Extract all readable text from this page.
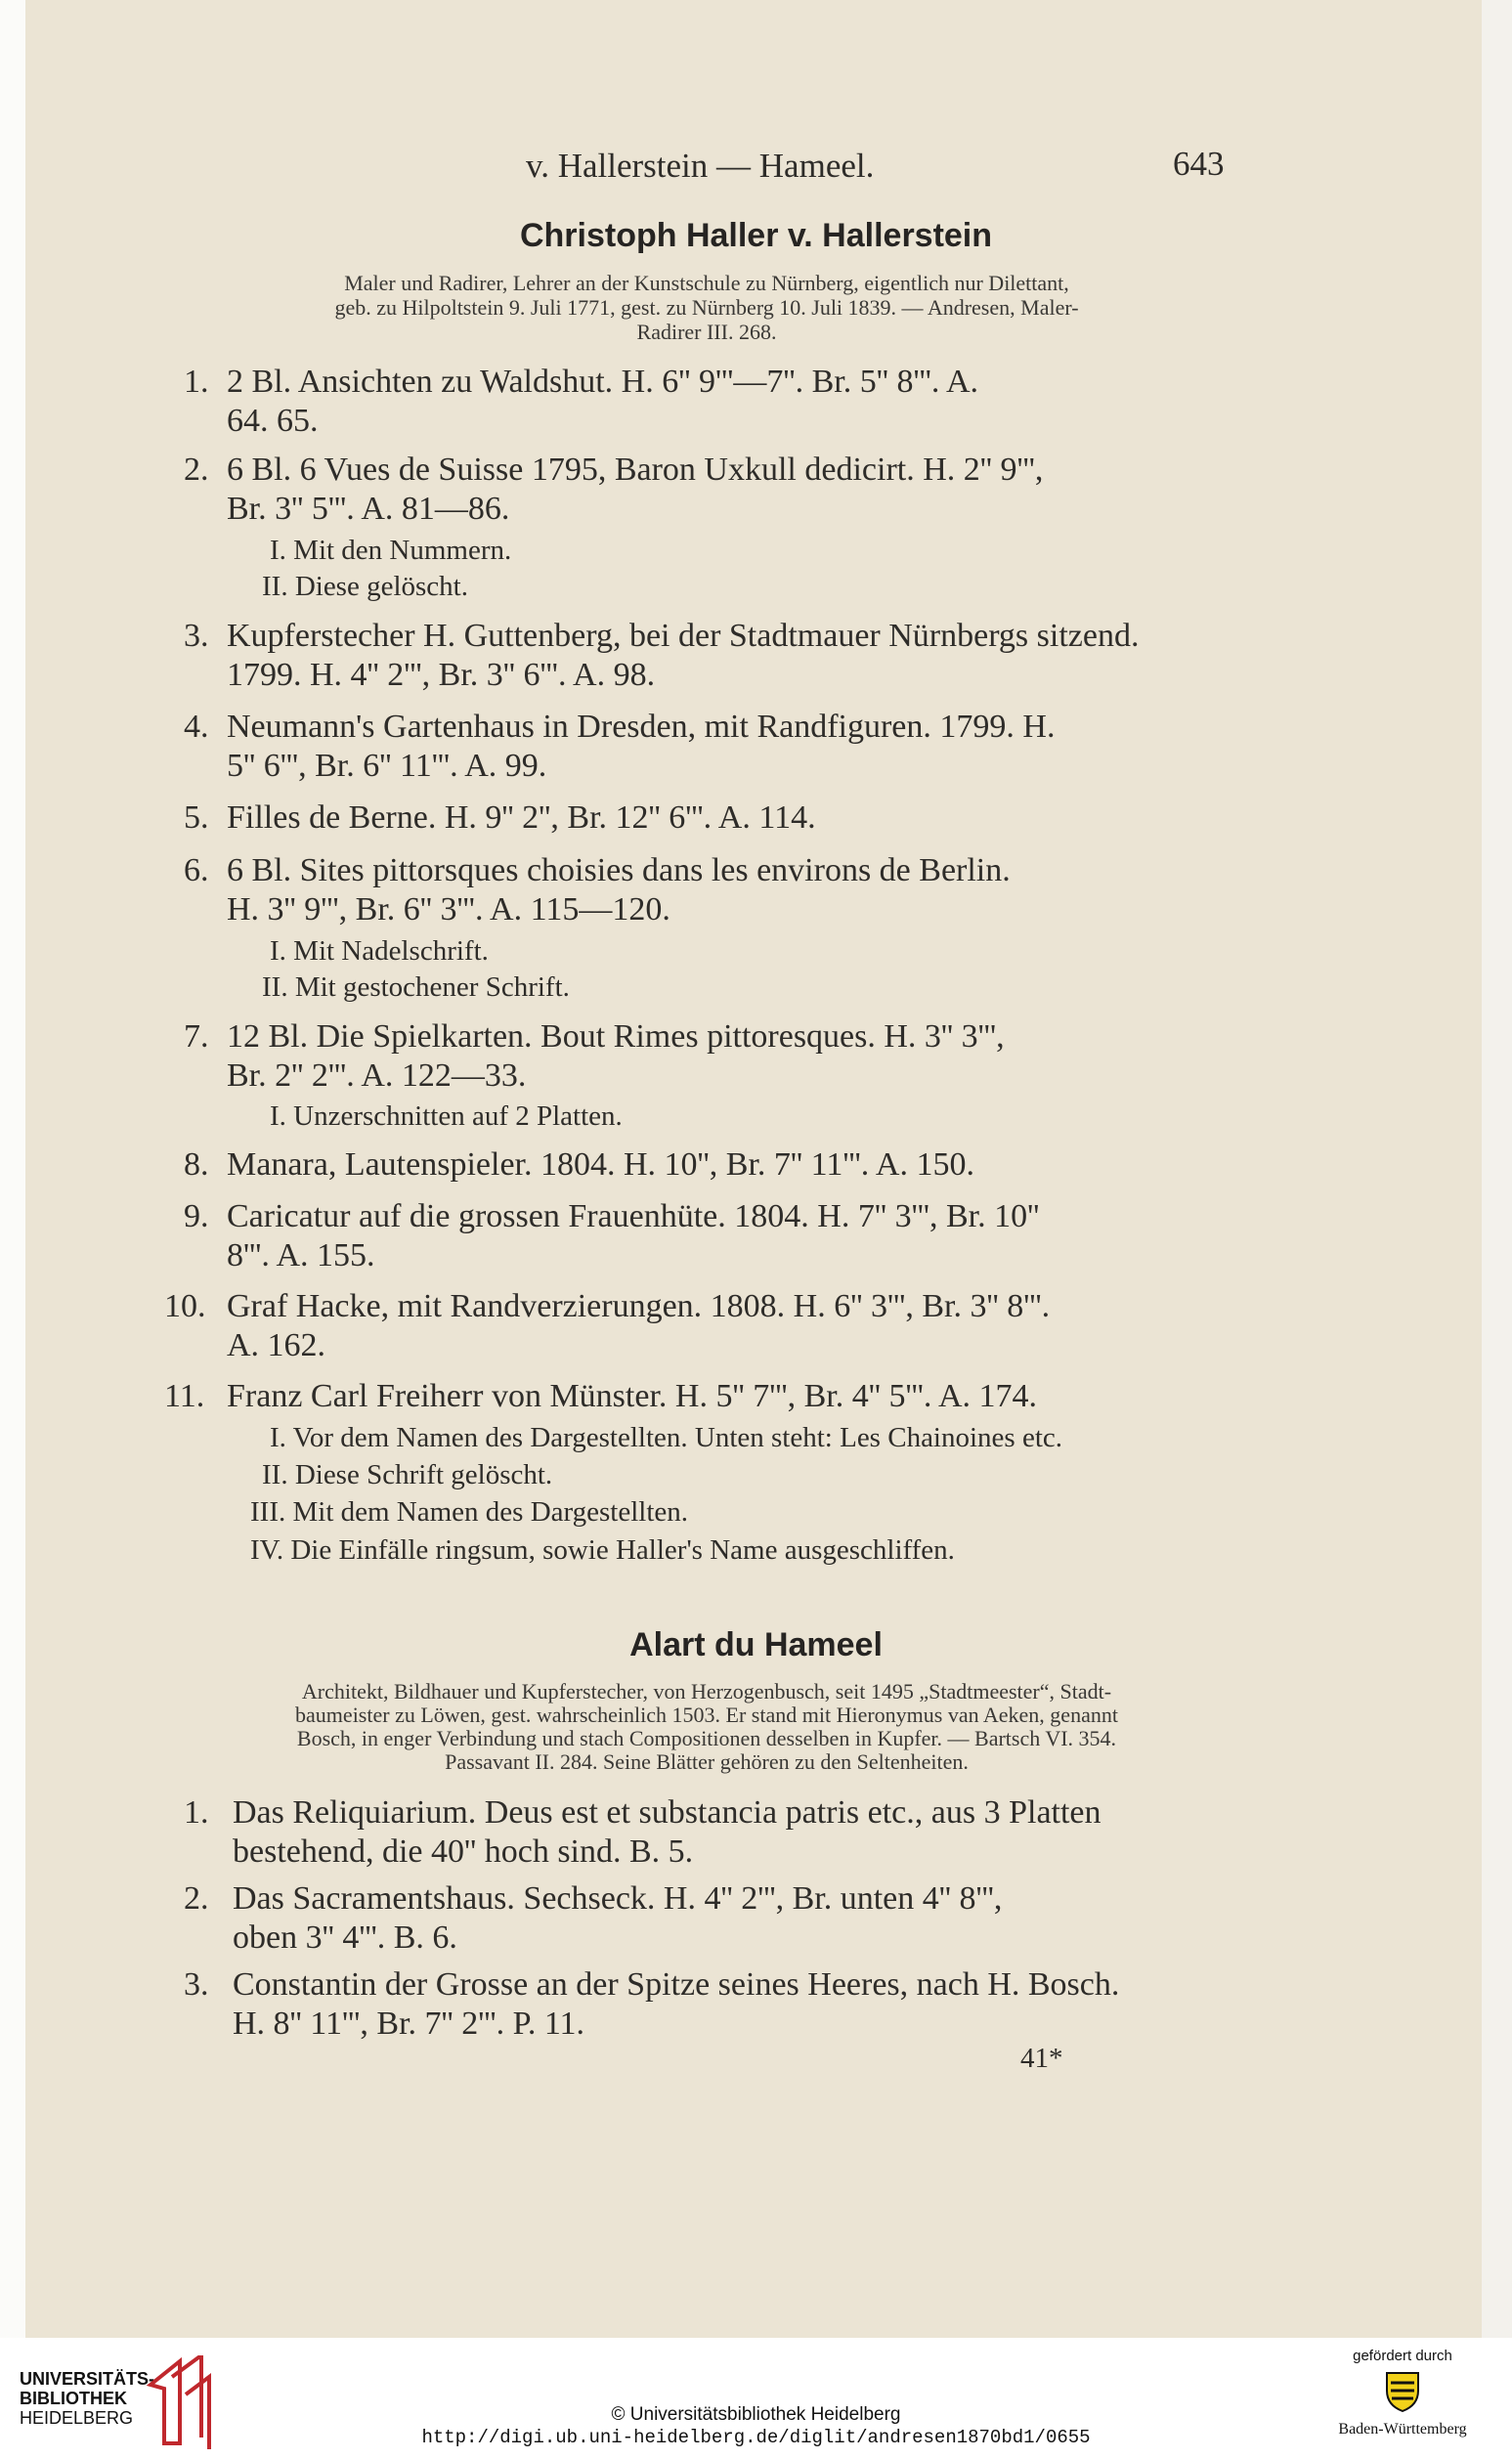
v. Hallerstein — Hameel.	643
Christoph Haller v. Hallerstein
Maler und Radirer, Lehrer an der Kunstschule zu Nürnberg, eigentlich nur Dilettant,
geb. zu Hilpoltstein 9. Juli 1771, gest. zu Nürnberg 10. Juli 1839. — Andresen, Maler-
Radirer III. 268.
1. 2 Bl. Ansichten zu Waldshut. H. 6'' 9'''—7''. Br. 5'' 8'''. A.
64. 65.
2. 6 Bl. 6 Vues de Suisse 1795, Baron Uxkull dedicirt. H. 2'' 9''',
Br. 3'' 5'''. A. 81—86.
I. Mit den Nummern.
II. Diese gelöscht.
3. Kupferstecher H. Guttenberg, bei der Stadtmauer Nürnbergs sitzend.
1799. H. 4'' 2''', Br. 3'' 6'''. A. 98.
4. Neumann's Gartenhaus in Dresden, mit Randfiguren. 1799. H.
5'' 6''', Br. 6'' 11'''. A. 99.
5. Filles de Berne. H. 9'' 2'', Br. 12'' 6'''. A. 114.
6. 6 Bl. Sites pittorsques choisies dans les environs de Berlin.
H. 3'' 9''', Br. 6'' 3'''. A. 115—120.
I. Mit Nadelschrift.
II. Mit gestochener Schrift.
7. 12 Bl. Die Spielkarten. Bout Rimes pittoresques. H. 3'' 3''',
Br. 2'' 2'''. A. 122—33.
I. Unzerschnitten auf 2 Platten.
8. Manara, Lautenspieler. 1804. H. 10'', Br. 7'' 11'''. A. 150.
9. Caricatur auf die grossen Frauenhüte. 1804. H. 7'' 3''', Br. 10''
8'''. A. 155.
10. Graf Hacke, mit Randverzierungen. 1808. H. 6'' 3''', Br. 3'' 8'''.
A. 162.
11. Franz Carl Freiherr von Münster. H. 5'' 7''', Br. 4'' 5'''. A. 174.
I. Vor dem Namen des Dargestellten. Unten steht: Les Chainoines etc.
II. Diese Schrift gelöscht.
III. Mit dem Namen des Dargestellten.
IV. Die Einfälle ringsum, sowie Haller's Name ausgeschliffen.
Alart du Hameel
Architekt, Bildhauer und Kupferstecher, von Herzogenbusch, seit 1495 „Stadtmeester“, Stadt-
baumeister zu Löwen, gest. wahrscheinlich 1503. Er stand mit Hieronymus van Aeken, genannt
Bosch, in enger Verbindung und stach Compositionen desselben in Kupfer. — Bartsch VI. 354.
Passavant II. 284. Seine Blätter gehören zu den Seltenheiten.
1. Das Reliquiarium. Deus est et substancia patris etc., aus 3 Platten
bestehend, die 40'' hoch sind. B. 5.
2. Das Sacramentshaus. Sechseck. H. 4'' 2''', Br. unten 4'' 8''',
oben 3'' 4'''. B. 6.
3. Constantin der Grosse an der Spitze seines Heeres, nach H. Bosch.
H. 8'' 11''', Br. 7'' 2'''. P. 11.
41*
UNIVERSITÄTS-
BIBLIOTHEK
HEIDELBERG	© Universitätsbibliothek Heidelberg
http://digi.ub.uni-heidelberg.de/diglit/andresen1870bd1/0655
gefördert durch
Baden-Württemberg
